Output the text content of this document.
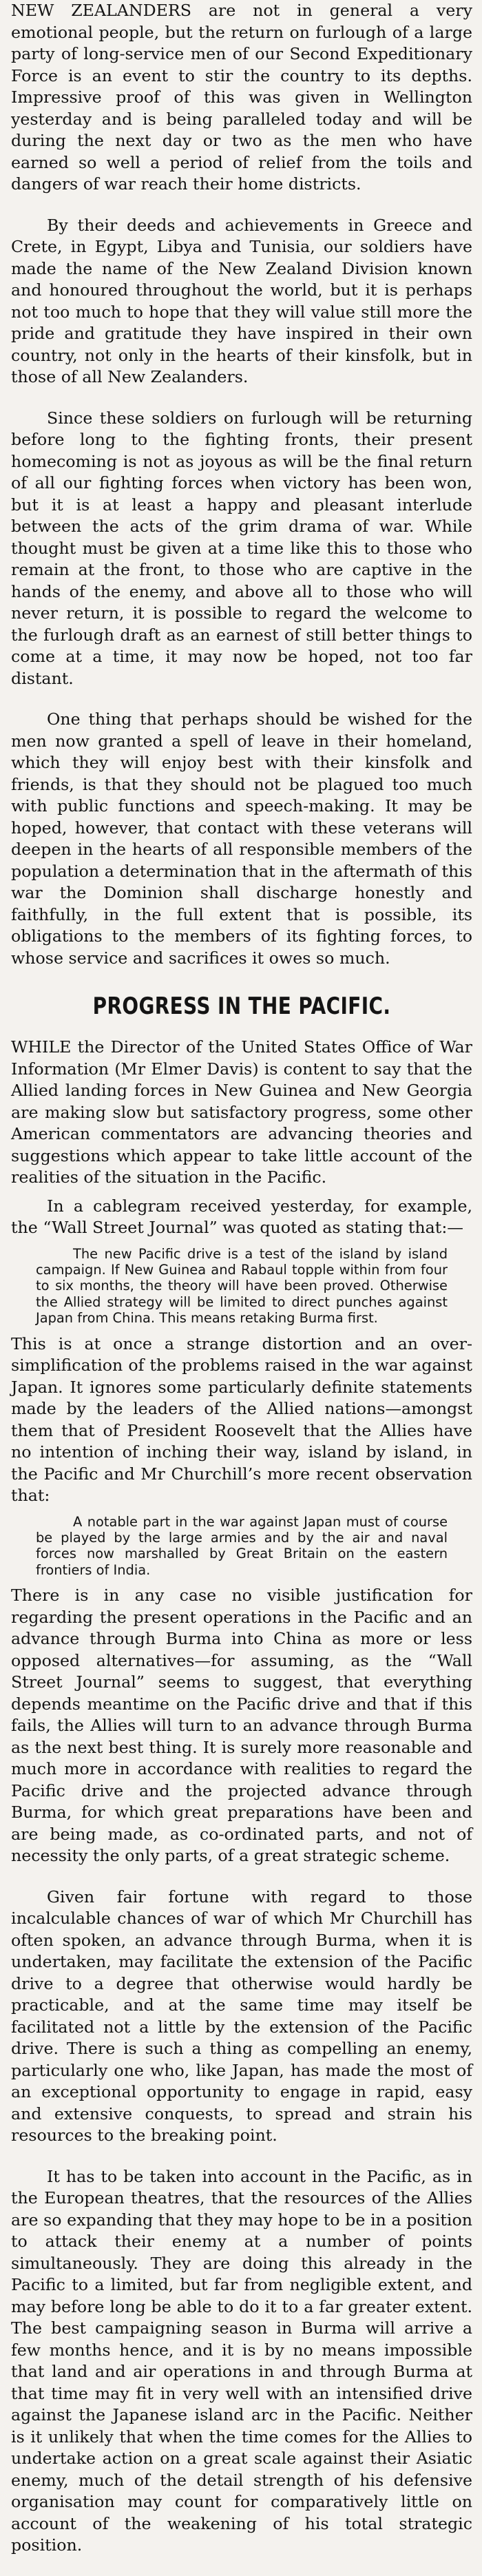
NEW ZEALANDERS are not in general a very emotional people, but the return on furlough of a large party of long-service men of our Second Expeditionary Force is an event to stir the country to its depths. Impressive proof of this was given in Wellington yesterday and is being paralleled today and will be during the next day or two as the men who have earned so well a period of relief from the toils and dangers of war reach their home districts.

By their deeds and achievements in Greece and Crete, in Egypt, Libya and Tunisia, our soldiers have made the name of the New Zealand Division known and honoured throughout the world, but it is perhaps not too much to hope that they will value still more the pride and gratitude they have inspired in their own country, not only in the hearts of their kinsfolk, but in those of all New Zealanders.

Since these soldiers on furlough will be returning before long to the fighting fronts, their present homecoming is not as joyous as will be the final return of all our fighting forces when victory has been won, but it is at least a happy and pleasant interlude between the acts of the grim drama of war. While thought must be given at a time like this to those who remain at the front, to those who are captive in the hands of the enemy, and above all to those who will never return, it is possible to regard the welcome to the furlough draft as an earnest of still better things to come at a time, it may now be hoped, not too far distant.

One thing that perhaps should be wished for the men now granted a spell of leave in their homeland, which they will enjoy best with their kinsfolk and friends, is that they should not be plagued too much with public functions and speech-making. It may be hoped, however, that contact with these veterans will deepen in the hearts of all responsible members of the population a determination that in the aftermath of this war the Dominion shall discharge honestly and faithfully, in the full extent that is possible, its obligations to the members of its fighting forces, to whose service and sacrifices it owes so much.

PROGRESS IN THE PACIFIC.

WHILE the Director of the United States Office of War Information (Mr Elmer Davis) is content to say that the Allied landing forces in New Guinea and New Georgia are making slow but satisfactory progress, some other American commentators are advancing theories and suggestions which appear to take little account of the realities of the situation in the Pacific.

In a cablegram received yesterday, for example, the “Wall Street Journal” was quoted as stating that:—

The new Pacific drive is a test of the island by island campaign. If New Guinea and Rabaul topple within from four to six months, the theory will have been proved. Otherwise the Allied strategy will be limited to direct punches against Japan from China. This means retaking Burma first.

This is at once a strange distortion and an over-simplification of the problems raised in the war against Japan. It ignores some particularly definite statements made by the leaders of the Allied nations—amongst them that of President Roosevelt that the Allies have no intention of inching their way, island by island, in the Pacific and Mr Churchill’s more recent observation that:

A notable part in the war against Japan must of course be played by the large armies and by the air and naval forces now marshalled by Great Britain on the eastern frontiers of India.

There is in any case no visible justification for regarding the present operations in the Pacific and an advance through Burma into China as more or less opposed alternatives—for assuming, as the “Wall Street Journal” seems to suggest, that everything depends meantime on the Pacific drive and that if this fails, the Allies will turn to an advance through Burma as the next best thing. It is surely more reasonable and much more in accordance with realities to regard the Pacific drive and the projected advance through Burma, for which great preparations have been and are being made, as co-ordinated parts, and not of necessity the only parts, of a great strategic scheme.

Given fair fortune with regard to those incalculable chances of war of which Mr Churchill has often spoken, an advance through Burma, when it is undertaken, may facilitate the extension of the Pacific drive to a degree that otherwise would hardly be practicable, and at the same time may itself be facilitated not a little by the extension of the Pacific drive. There is such a thing as compelling an enemy, particularly one who, like Japan, has made the most of an exceptional opportunity to engage in rapid, easy and extensive conquests, to spread and strain his resources to the breaking point.

It has to be taken into account in the Pacific, as in the European theatres, that the resources of the Allies are so expanding that they may hope to be in a position to attack their enemy at a number of points simultaneously. They are doing this already in the Pacific to a limited, but far from negligible extent, and may before long be able to do it to a far greater extent. The best campaigning season in Burma will arrive a few months hence, and it is by no means impossible that land and air operations in and through Burma at that time may fit in very well with an intensified drive against the Japanese island arc in the Pacific. Neither is it unlikely that when the time comes for the Allies to undertake action on a great scale against their Asiatic enemy, much of the detail strength of his defensive organisation may count for comparatively little on account of the weakening of his total strategic position.
